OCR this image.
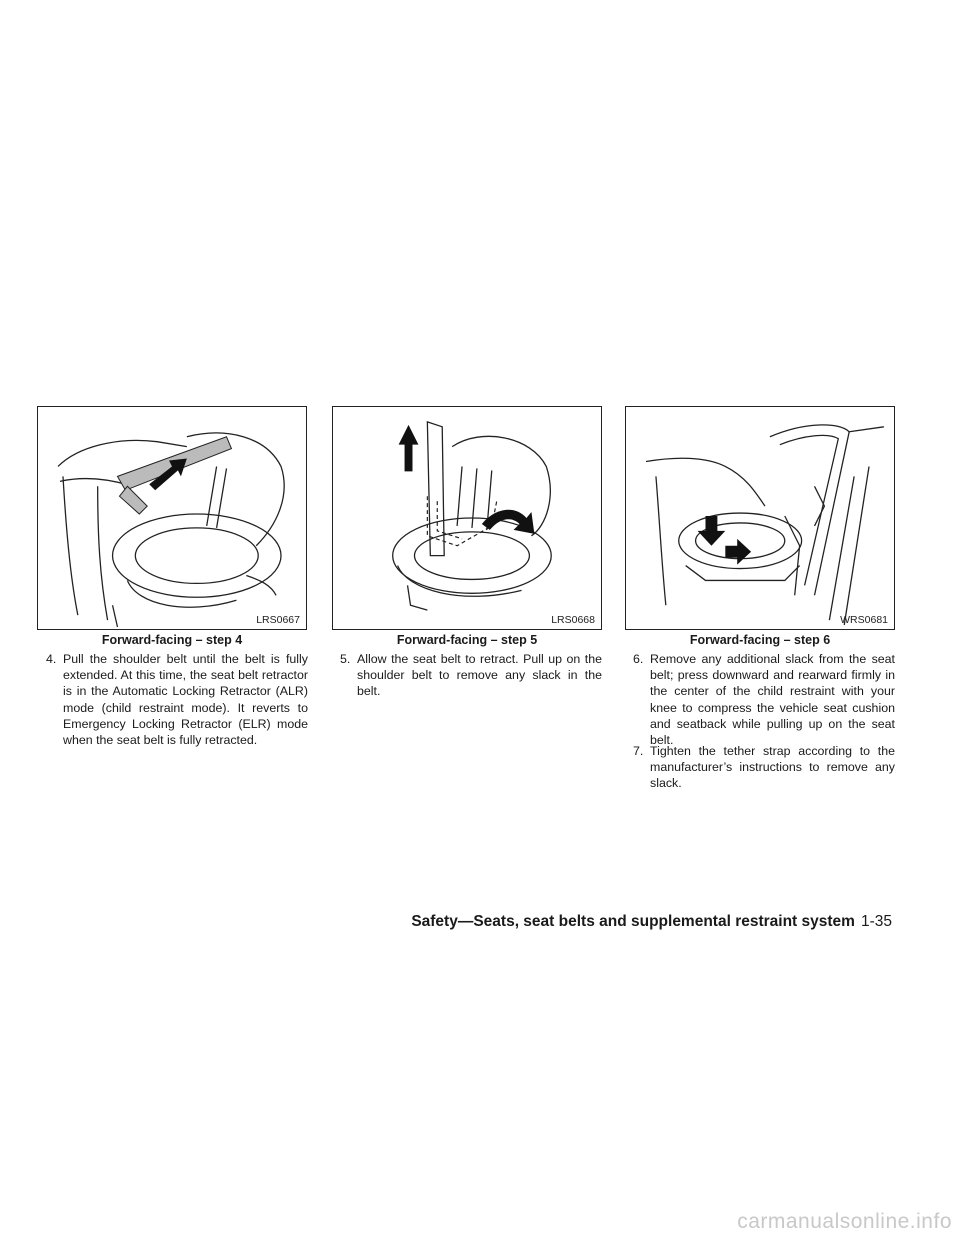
LRS0667
Forward-facing – step 4
LRS0668
Forward-facing – step 5
WRS0681
Forward-facing – step 6
4. Pull the shoulder belt until the belt is fully extended. At this time, the seat belt retractor is in the Automatic Locking Retractor (ALR) mode (child restraint mode). It reverts to Emergency Locking Retractor (ELR) mode when the seat belt is fully retracted.
5. Allow the seat belt to retract. Pull up on the shoulder belt to remove any slack in the belt.
6. Remove any additional slack from the seat belt; press downward and rearward firmly in the center of the child restraint with your knee to compress the vehicle seat cushion and seatback while pulling up on the seat belt.
7. Tighten the tether strap according to the manufacturer’s instructions to remove any slack.
Safety—Seats, seat belts and supplemental restraint system 1-35
carmanualsonline.info
